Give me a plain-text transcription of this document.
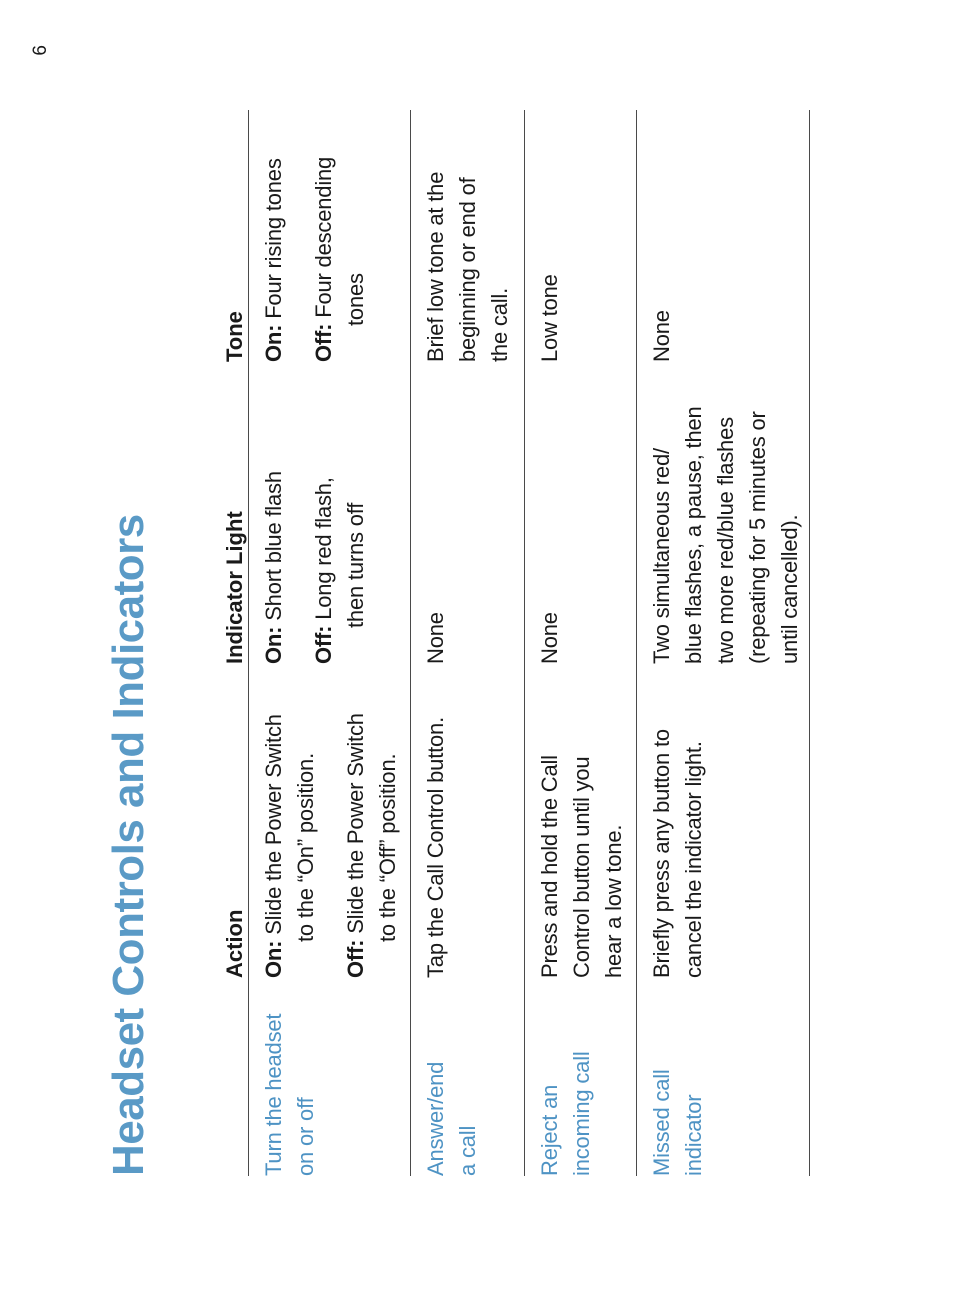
6
Headset Controls and Indicators	Action
Indicator Light
Tone
Turn the headset on or off
On: Slide the Power Switch to the “On” position.
Off: Slide the Power Switch to the “Off” position.
On: Short blue flash
Off: Long red flash, then turns off
On: Four rising tones
Off: Four descending tones
Answer/end a call
Tap the Call Control button.
None
Brief low tone at the beginning or end of the call.
Reject an incoming call
Press and hold the Call Control button until you hear a low tone.
None
Low tone
Missed call indicator
Briefly press any button to cancel the indicator light.
Two simultaneous red/ blue flashes, a pause, then two more red/blue flashes (repeating for 5 minutes or until cancelled).
None
